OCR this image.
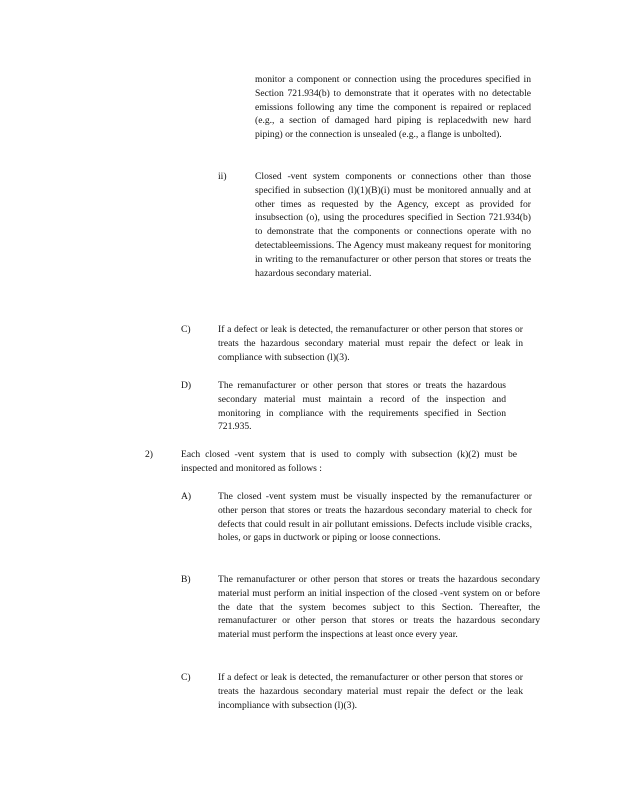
monitor a component or connection using the procedures specified in Section 721.934(b) to demonstrate that it operates with no detectable emissions following any time the component is repaired or replaced (e.g., a section of damaged hard piping is replacedwith new hard piping) or the connection is unsealed (e.g., a flange is unbolted).
ii)	Closed -vent system components or connections other than those specified in subsection (l)(1)(B)(i) must be monitored annually and at other times as requested by the Agency, except as provided for insubsection (o), using the procedures specified in Section 721.934(b) to demonstrate that the components or connections operate with no detectableemissions. The Agency must makeany request for monitoring in writing to the remanufacturer or other person that stores or treats the hazardous secondary material.
C)	If a defect or leak is detected, the remanufacturer or other person that stores or treats the hazardous secondary material must repair the defect or leak in compliance with subsection (l)(3).
D)	The remanufacturer or other person that stores or treats the hazardous secondary material must maintain a record of the inspection and monitoring in compliance with the requirements specified in Section 721.935.
2)	Each closed -vent system that is used to comply with subsection (k)(2) must be inspected and monitored as follows :
A)	The closed -vent system must be visually inspected by the remanufacturer or other person that stores or treats the hazardous secondary material to check for defects that could result in air pollutant emissions. Defects include visible cracks, holes, or gaps in ductwork or piping or loose connections.
B)	The remanufacturer or other person that stores or treats the hazardous secondary material must perform an initial inspection of the closed -vent system on or before the date that the system becomes subject to this Section. Thereafter, the remanufacturer or other person that stores or treats the hazardous secondary material must perform the inspections at least once every year.
C)	If a defect or leak is detected, the remanufacturer or other person that stores or treats the hazardous secondary material must repair the defect or the leak incompliance with subsection (l)(3).
